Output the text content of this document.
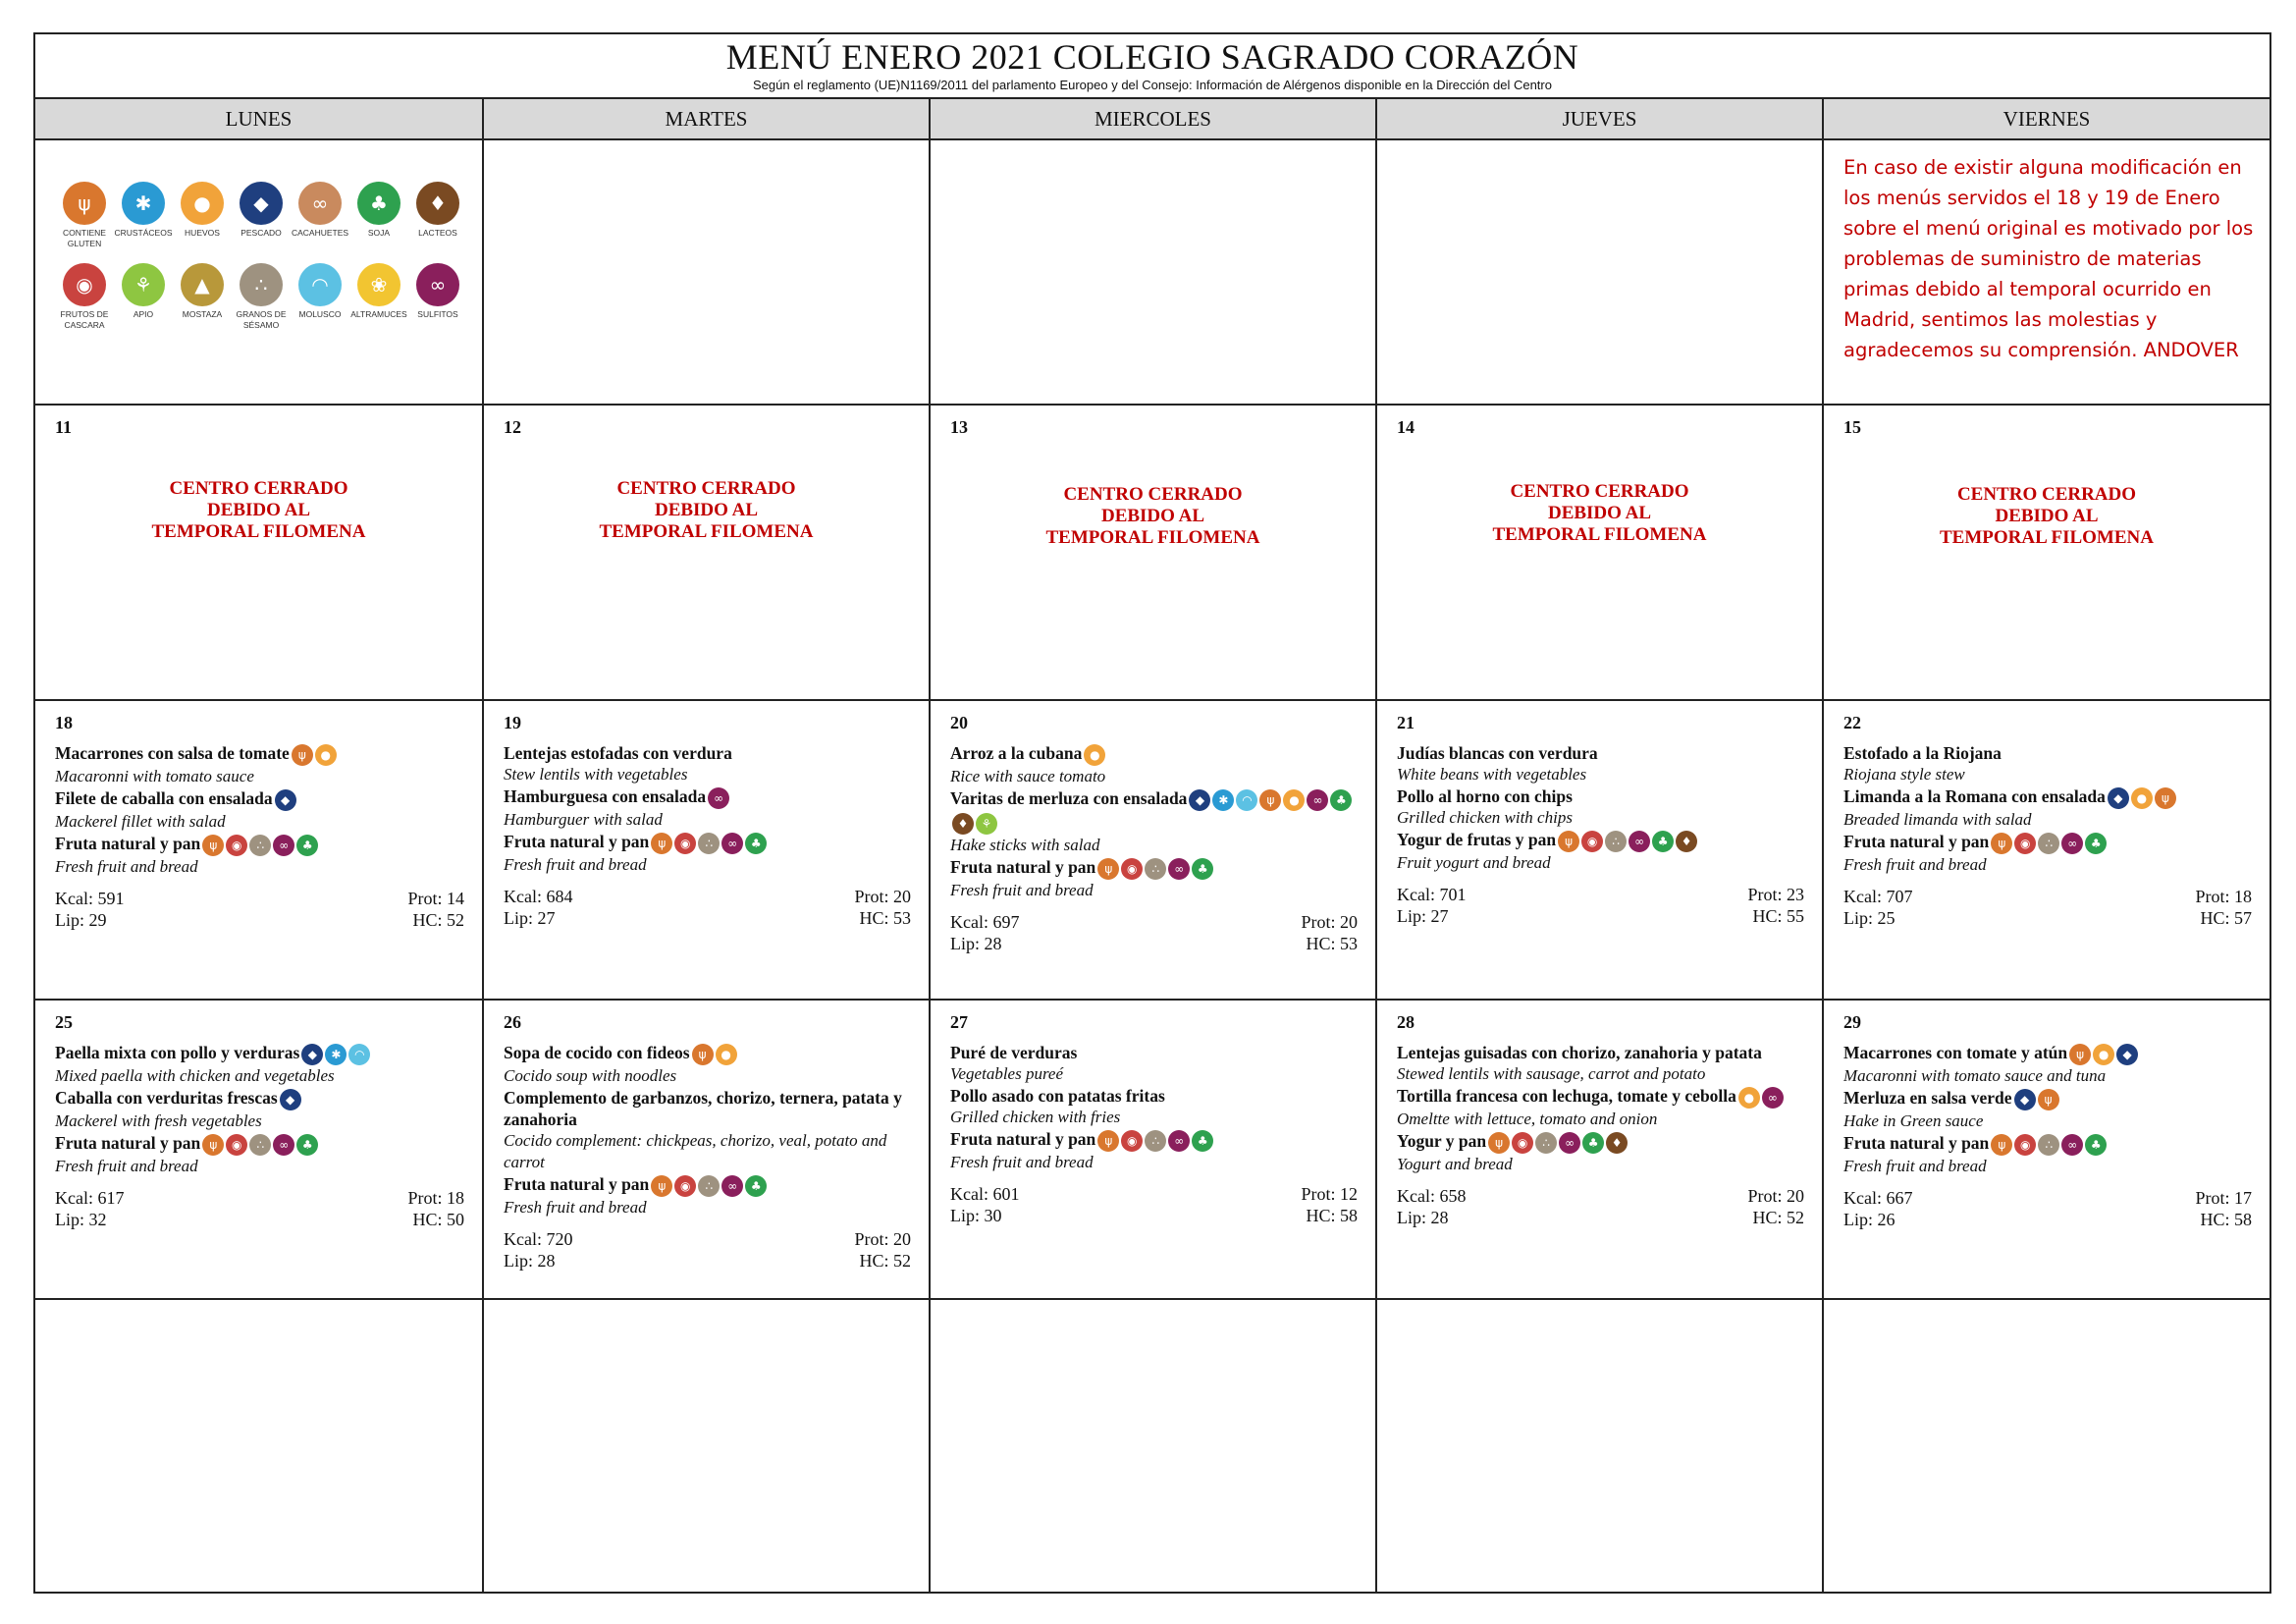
MENÚ ENERO 2021 COLEGIO SAGRADO CORAZÓN
Según el reglamento (UE)N1169/2011 del parlamento Europeo y del Consejo: Información de Alérgenos disponible en la Dirección del Centro
LUNES	MARTES	MIERCOLES	JUEVES	VIERNES
ψ
CONTIENE GLUTEN
✱
CRUSTÁCEOS
●
HUEVOS
◆
PESCADO
∞
CACAHUETES
♣
SOJA
♦
LACTEOS
◉
FRUTOS DE CASCARA
⚘
APIO
▲
MOSTAZA
∴
GRANOS DE SÉSAMO
◠
MOLUSCO
❀
ALTRAMUCES
∞
SULFITOS
En caso de existir alguna modificación en los menús servidos el 18 y 19 de Enero sobre el menú original es motivado por los problemas de suministro de materias primas debido al temporal ocurrido en Madrid, sentimos las molestias y agradecemos su comprensión. ANDOVER
11
CENTRO CERRADO
DEBIDO AL
TEMPORAL FILOMENA
12
CENTRO CERRADO
DEBIDO AL
TEMPORAL FILOMENA
13
CENTRO CERRADO
DEBIDO AL
TEMPORAL FILOMENA
14
CENTRO CERRADO
DEBIDO AL
TEMPORAL FILOMENA
15
CENTRO CERRADO
DEBIDO AL
TEMPORAL FILOMENA
18
Macarrones con salsa de tomate ψ ●
Macaronni with tomato sauce
Filete de caballa con ensalada ◆
Mackerel fillet with salad
Fruta natural y pan ψ ◉ ∴ ∞ ♣
Fresh fruit and bread
Kcal: 591	Prot: 14
Lip: 29	HC: 52
19
Lentejas estofadas con verdura
Stew lentils with vegetables
Hamburguesa con ensalada ∞
Hamburguer with salad
Fruta natural y pan ψ ◉ ∴ ∞ ♣
Fresh fruit and bread
Kcal: 684	Prot: 20
Lip: 27	HC: 53
20
Arroz a la cubana ●
Rice with sauce tomato
Varitas de merluza con ensalada ◆ ✱ ◠ ψ ● ∞ ♣♦ ⚘
Hake sticks with salad
Fruta natural y pan ψ ◉ ∴ ∞ ♣
Fresh fruit and bread
Kcal: 697	Prot: 20
Lip: 28	HC: 53
21
Judías blancas con verdura
White beans with vegetables
Pollo al horno con chips
Grilled chicken with chips
Yogur de frutas y pan ψ ◉ ∴ ∞ ♣ ♦
Fruit yogurt and bread
Kcal: 701	Prot: 23
Lip: 27	HC: 55
22
Estofado a la Riojana
Riojana style stew
Limanda a la Romana con ensalada ◆ ● ψ
Breaded limanda with salad
Fruta natural y pan ψ ◉ ∴ ∞ ♣
Fresh fruit and bread
Kcal: 707	Prot: 18
Lip: 25	HC: 57
25
Paella mixta con pollo y verduras ◆ ✱ ◠
Mixed paella with chicken and vegetables
Caballa con verduritas frescas ◆
Mackerel with fresh vegetables
Fruta natural y pan ψ ◉ ∴ ∞ ♣
Fresh fruit and bread
Kcal: 617	Prot: 18
Lip: 32	HC: 50
26
Sopa de cocido con fideos ψ ●
Cocido soup with noodles
Complemento de garbanzos, chorizo, ternera, patata y zanahoria
Cocido complement: chickpeas, chorizo, veal, potato and carrot
Fruta natural y pan ψ ◉ ∴ ∞ ♣
Fresh fruit and bread
Kcal: 720	Prot: 20
Lip: 28	HC: 52
27
Puré de verduras
Vegetables pureé
Pollo asado con patatas fritas
Grilled chicken with fries
Fruta natural y pan ψ ◉ ∴ ∞ ♣
Fresh fruit and bread
Kcal: 601	Prot: 12
Lip: 30	HC: 58
28
Lentejas guisadas con chorizo, zanahoria y patata
Stewed lentils with sausage, carrot and potato
Tortilla francesa con lechuga, tomate y cebolla ● ∞
Omeltte with lettuce, tomato and onion
Yogur y pan ψ ◉ ∴ ∞ ♣ ♦
Yogurt and bread
Kcal: 658	Prot: 20
Lip: 28	HC: 52
29
Macarrones con tomate y atún ψ ● ◆
Macaronni with tomato sauce and tuna
Merluza en salsa verde ◆ ψ
Hake in Green sauce
Fruta natural y pan ψ ◉ ∴ ∞ ♣
Fresh fruit and bread
Kcal: 667	Prot: 17
Lip: 26	HC: 58
